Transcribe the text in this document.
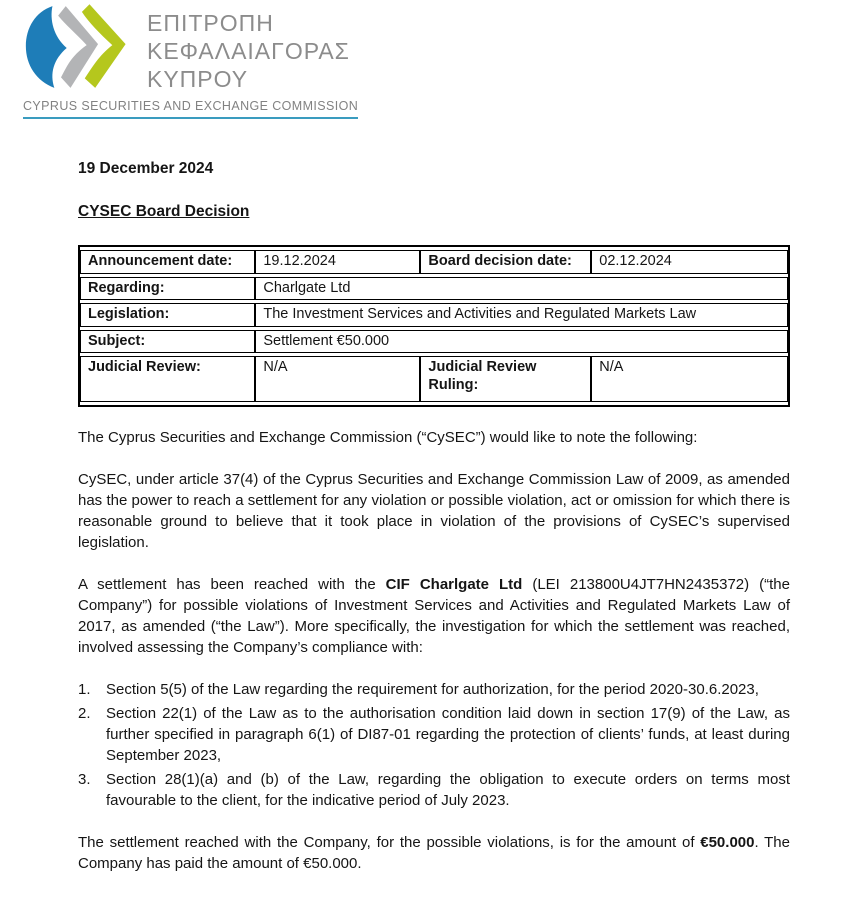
ΕΠΙΤΡΟΠΗ
ΚΕΦΑΛΑΙΑΓΟΡΑΣ
ΚΥΠΡΟΥ
CYPRUS SECURITIES AND EXCHANGE COMMISSION
19 December 2024
CYSEC Board Decision
Announcement date:	19.12.2024	Board decision date:	02.12.2024
Regarding:	Charlgate Ltd		
Legislation:	The Investment Services and Activities and Regulated Markets Law		
Subject:	Settlement €50.000		
Judicial Review:	N/A	Judicial Review Ruling:	N/A

The Cyprus Securities and Exchange Commission (“CySEC”) would like to note the following:

CySEC, under article 37(4) of the Cyprus Securities and Exchange Commission Law of 2009, as amended has the power to reach a settlement for any violation or possible violation, act or omission for which there is reasonable ground to believe that it took place in violation of the provisions of CySEC’s supervised legislation.

A settlement has been reached with the CIF Charlgate Ltd (LEI 213800U4JT7HN2435372) (“the Company”) for possible violations of Investment Services and Activities and Regulated Markets Law of 2017, as amended (“the Law”). More specifically, the investigation for which the settlement was reached, involved assessing the Company’s compliance with:

1. Section 5(5) of the Law regarding the requirement for authorization, for the period 2020-30.6.2023,
2. Section 22(1) of the Law as to the authorisation condition laid down in section 17(9) of the Law, as further specified in paragraph 6(1) of DI87-01 regarding the protection of clients’ funds, at least during September 2023,
3. Section 28(1)(a) and (b) of the Law, regarding the obligation to execute orders on terms most favourable to the client, for the indicative period of July 2023.

The settlement reached with the Company, for the possible violations, is for the amount of €50.000. The Company has paid the amount of €50.000.
